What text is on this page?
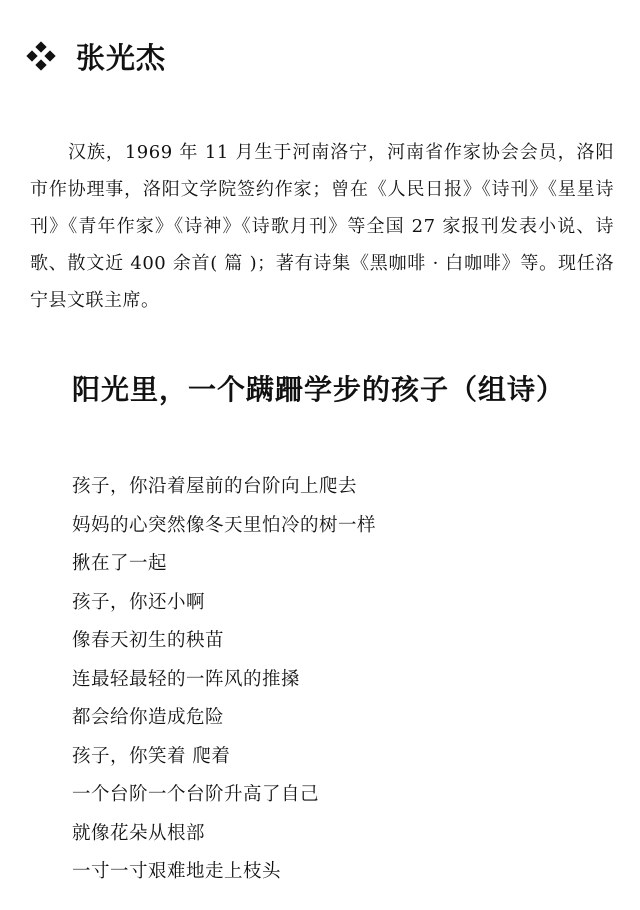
张光杰

汉族，1969 年 11 月生于河南洛宁，河南省作家协会会员，洛阳市作协理事，洛阳文学院签约作家；曾在《人民日报》《诗刊》《星星诗刊》《青年作家》《诗神》《诗歌月刊》等全国 27 家报刊发表小说、诗歌、散文近 400 余首( 篇 )；著有诗集《黑咖啡 · 白咖啡》等。现任洛宁县文联主席。

阳光里，一个蹒跚学步的孩子（组诗）
孩子，你沿着屋前的台阶向上爬去
妈妈的心突然像冬天里怕冷的树一样
揪在了一起
孩子，你还小啊
像春天初生的秧苗
连最轻最轻的一阵风的推搡
都会给你造成危险
孩子，你笑着 爬着
一个台阶一个台阶升高了自己
就像花朵从根部
一寸一寸艰难地走上枝头
